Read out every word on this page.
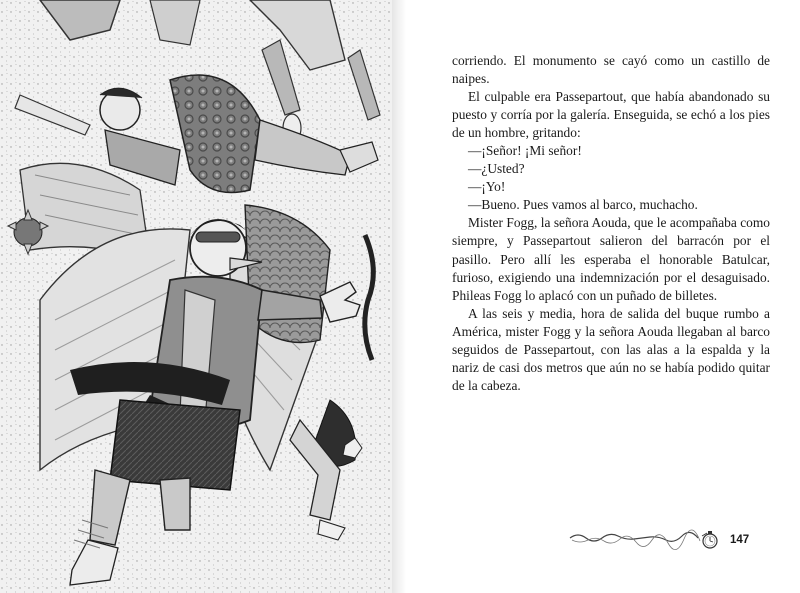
corriendo. El monumento se cayó como un castillo de naipes.

El culpable era Passepartout, que había abandonado su puesto y corría por la galería. Enseguida, se echó a los pies de un hombre, gritando:

—¡Señor! ¡Mi señor!

—¿Usted?

—¡Yo!

—Bueno. Pues vamos al barco, muchacho.

Mister Fogg, la señora Aouda, que le acompañaba como siempre, y Passepartout salieron del barracón por el pasillo. Pero allí les esperaba el honorable Batulcar, furioso, exigiendo una indemnización por el desaguisado. Phileas Fogg lo aplacó con un puñado de billetes.

A las seis y media, hora de salida del buque rumbo a América, mister Fogg y la señora Aouda llegaban al barco seguidos de Passepartout, con las alas a la espalda y la nariz de casi dos metros que aún no se había podido quitar de la cabeza.

147
